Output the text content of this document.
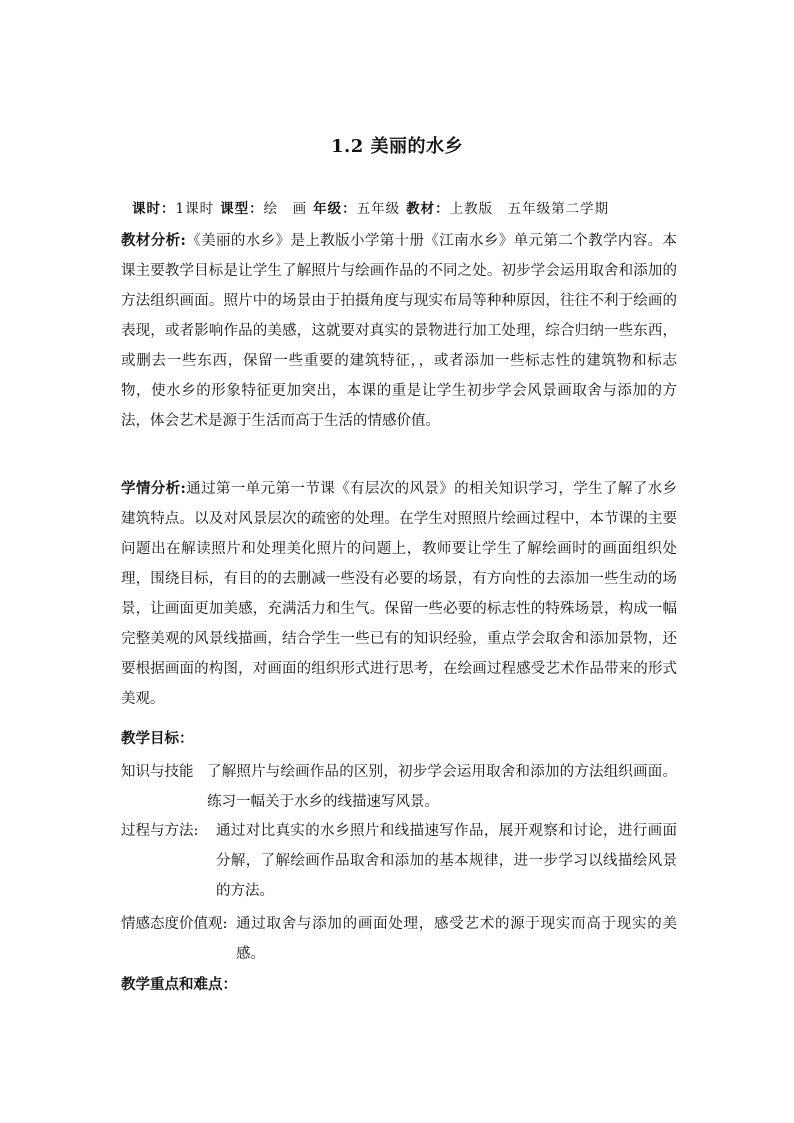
1.2 美丽的水乡
课时：1课时 课型：绘　画 年级：五年级 教材：上教版　五年级第二学期
教材分析:《美丽的水乡》是上教版小学第十册《江南水乡》单元第二个教学内容。本课主要教学目标是让学生了解照片与绘画作品的不同之处。初步学会运用取舍和添加的方法组织画面。照片中的场景由于拍摄角度与现实布局等种种原因，往往不利于绘画的表现，或者影响作品的美感，这就要对真实的景物进行加工处理，综合归纳一些东西，或删去一些东西，保留一些重要的建筑特征，，或者添加一些标志性的建筑物和标志物，使水乡的形象特征更加突出，本课的重是让学生初步学会风景画取舍与添加的方法，体会艺术是源于生活而高于生活的情感价值。
学情分析:通过第一单元第一节课《有层次的风景》的相关知识学习，学生了解了水乡建筑特点。以及对风景层次的疏密的处理。在学生对照照片绘画过程中，本节课的主要问题出在解读照片和处理美化照片的问题上，教师要让学生了解绘画时的画面组织处理，围绕目标，有目的的去删减一些没有必要的场景，有方向性的去添加一些生动的场景，让画面更加美感，充满活力和生气。保留一些必要的标志性的特殊场景，构成一幅完整美观的风景线描画，结合学生一些已有的知识经验，重点学会取舍和添加景物，还要根据画面的构图，对画面的组织形式进行思考，在绘画过程感受艺术作品带来的形式美观。
教学目标：
知识与技能 了解照片与绘画作品的区别，初步学会运用取舍和添加的方法组织画面。练习一幅关于水乡的线描速写风景。
过程与方法:	通过对比真实的水乡照片和线描速写作品，展开观察和讨论，进行画面分解，了解绘画作品取舍和添加的基本规律，进一步学习以线描绘风景的方法。
情感态度价值观: 通过取舍与添加的画面处理，感受艺术的源于现实而高于现实的美感。
教学重点和难点：
